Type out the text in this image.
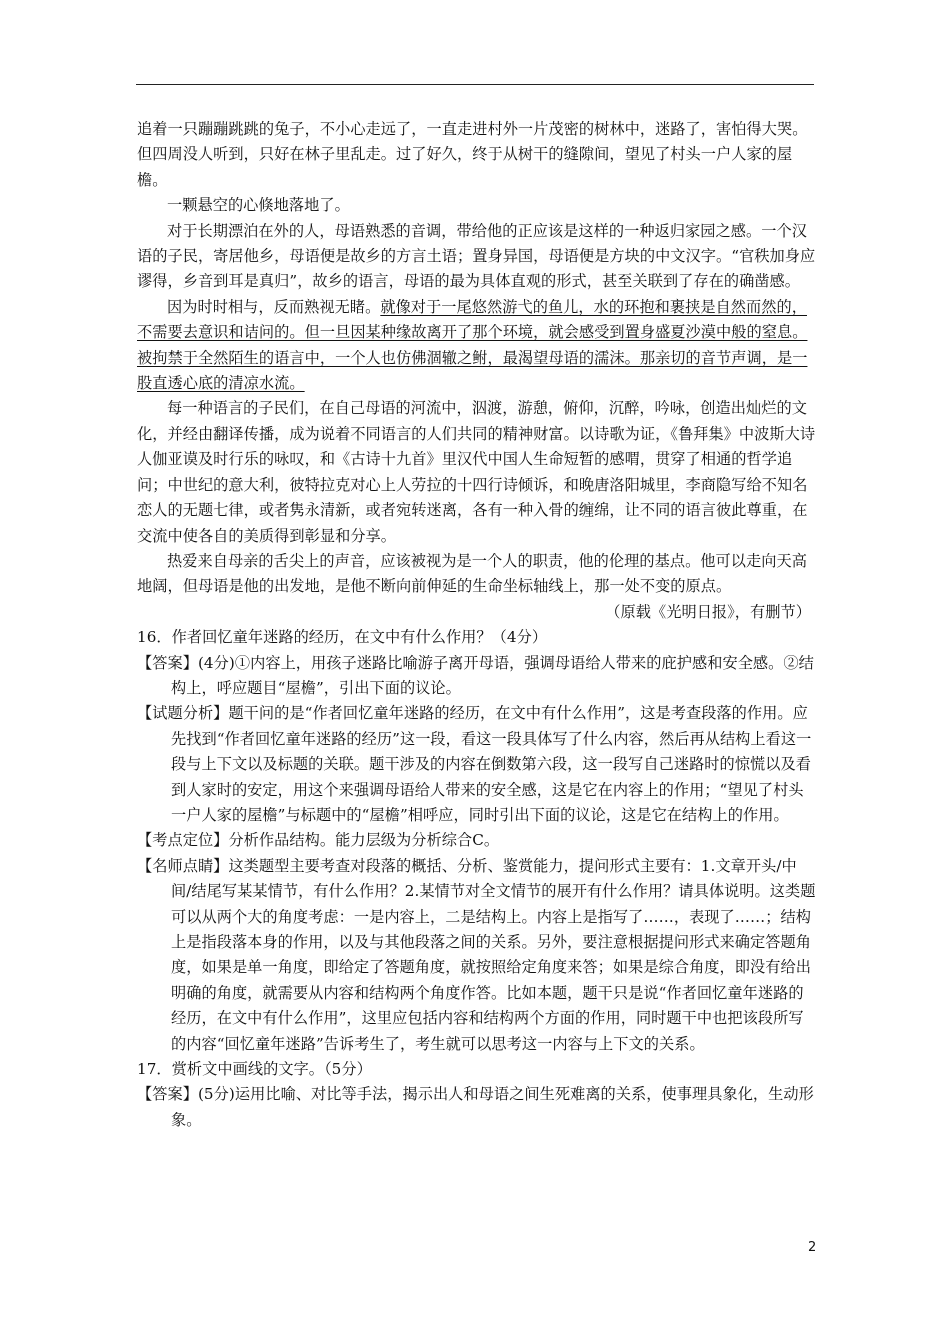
追着一只蹦蹦跳跳的兔子，不小心走远了，一直走进村外一片茂密的树林中，迷路了，害怕得大哭。但四周没人听到，只好在林子里乱走。过了好久，终于从树干的缝隙间，望见了村头一户人家的屋檐。

一颗悬空的心倏地落地了。

对于长期漂泊在外的人，母语熟悉的音调，带给他的正应该是这样的一种返归家园之感。一个汉语的子民，寄居他乡，母语便是故乡的方言土语；置身异国，母语便是方块的中文汉字。“官秩加身应谬得，乡音到耳是真归”，故乡的语言，母语的最为具体直观的形式，甚至关联到了存在的确凿感。

因为时时相与，反而熟视无睹。就像对于一尾悠然游弋的鱼儿，水的环抱和裹挟是自然而然的，不需要去意识和诘问的。但一旦因某种缘故离开了那个环境，就会感受到置身盛夏沙漠中般的窒息。被拘禁于全然陌生的语言中，一个人也仿佛涸辙之鲋，最渴望母语的濡沫。那亲切的音节声调，是一股直透心底的清凉水流。

每一种语言的子民们，在自己母语的河流中，泅渡，游憩，俯仰，沉醉，吟咏，创造出灿烂的文化，并经由翻译传播，成为说着不同语言的人们共同的精神财富。以诗歌为证，《鲁拜集》中波斯大诗人伽亚谟及时行乐的咏叹，和《古诗十九首》里汉代中国人生命短暂的感喟，贯穿了相通的哲学追问；中世纪的意大利，彼特拉克对心上人劳拉的十四行诗倾诉，和晚唐洛阳城里，李商隐写给不知名恋人的无题七律，或者隽永清新，或者宛转迷离，各有一种入骨的缠绵，让不同的语言彼此尊重，在交流中使各自的美质得到彰显和分享。

热爱来自母亲的舌尖上的声音，应该被视为是一个人的职责，他的伦理的基点。他可以走向天高地阔，但母语是他的出发地，是他不断向前伸延的生命坐标轴线上，那一处不变的原点。

（原载《光明日报》，有删节）

16．作者回忆童年迷路的经历，在文中有什么作用？（4分）

【答案】(4分)①内容上，用孩子迷路比喻游子离开母语，强调母语给人带来的庇护感和安全感。②结构上，呼应题目“屋檐”，引出下面的议论。

【试题分析】题干问的是“作者回忆童年迷路的经历，在文中有什么作用”，这是考查段落的作用。应先找到“作者回忆童年迷路的经历”这一段，看这一段具体写了什么内容，然后再从结构上看这一段与上下文以及标题的关联。题干涉及的内容在倒数第六段，这一段写自己迷路时的惊慌以及看到人家时的安定，用这个来强调母语给人带来的安全感，这是它在内容上的作用；“望见了村头一户人家的屋檐”与标题中的“屋檐”相呼应，同时引出下面的议论，这是它在结构上的作用。

【考点定位】分析作品结构。能力层级为分析综合C。

【名师点睛】这类题型主要考查对段落的概括、分析、鉴赏能力，提问形式主要有：1.文章开头/中间/结尾写某某情节，有什么作用？2.某情节对全文情节的展开有什么作用？请具体说明。这类题可以从两个大的角度考虑：一是内容上，二是结构上。内容上是指写了……，表现了……；结构上是指段落本身的作用，以及与其他段落之间的关系。另外，要注意根据提问形式来确定答题角度，如果是单一角度，即给定了答题角度，就按照给定角度来答；如果是综合角度，即没有给出明确的角度，就需要从内容和结构两个角度作答。比如本题，题干只是说“作者回忆童年迷路的经历，在文中有什么作用”，这里应包括内容和结构两个方面的作用，同时题干中也把该段所写的内容“回忆童年迷路”告诉考生了，考生就可以思考这一内容与上下文的关系。

17．赏析文中画线的文字。（5分）

【答案】(5分)运用比喻、对比等手法，揭示出人和母语之间生死难离的关系，使事理具象化，生动形象。

2
